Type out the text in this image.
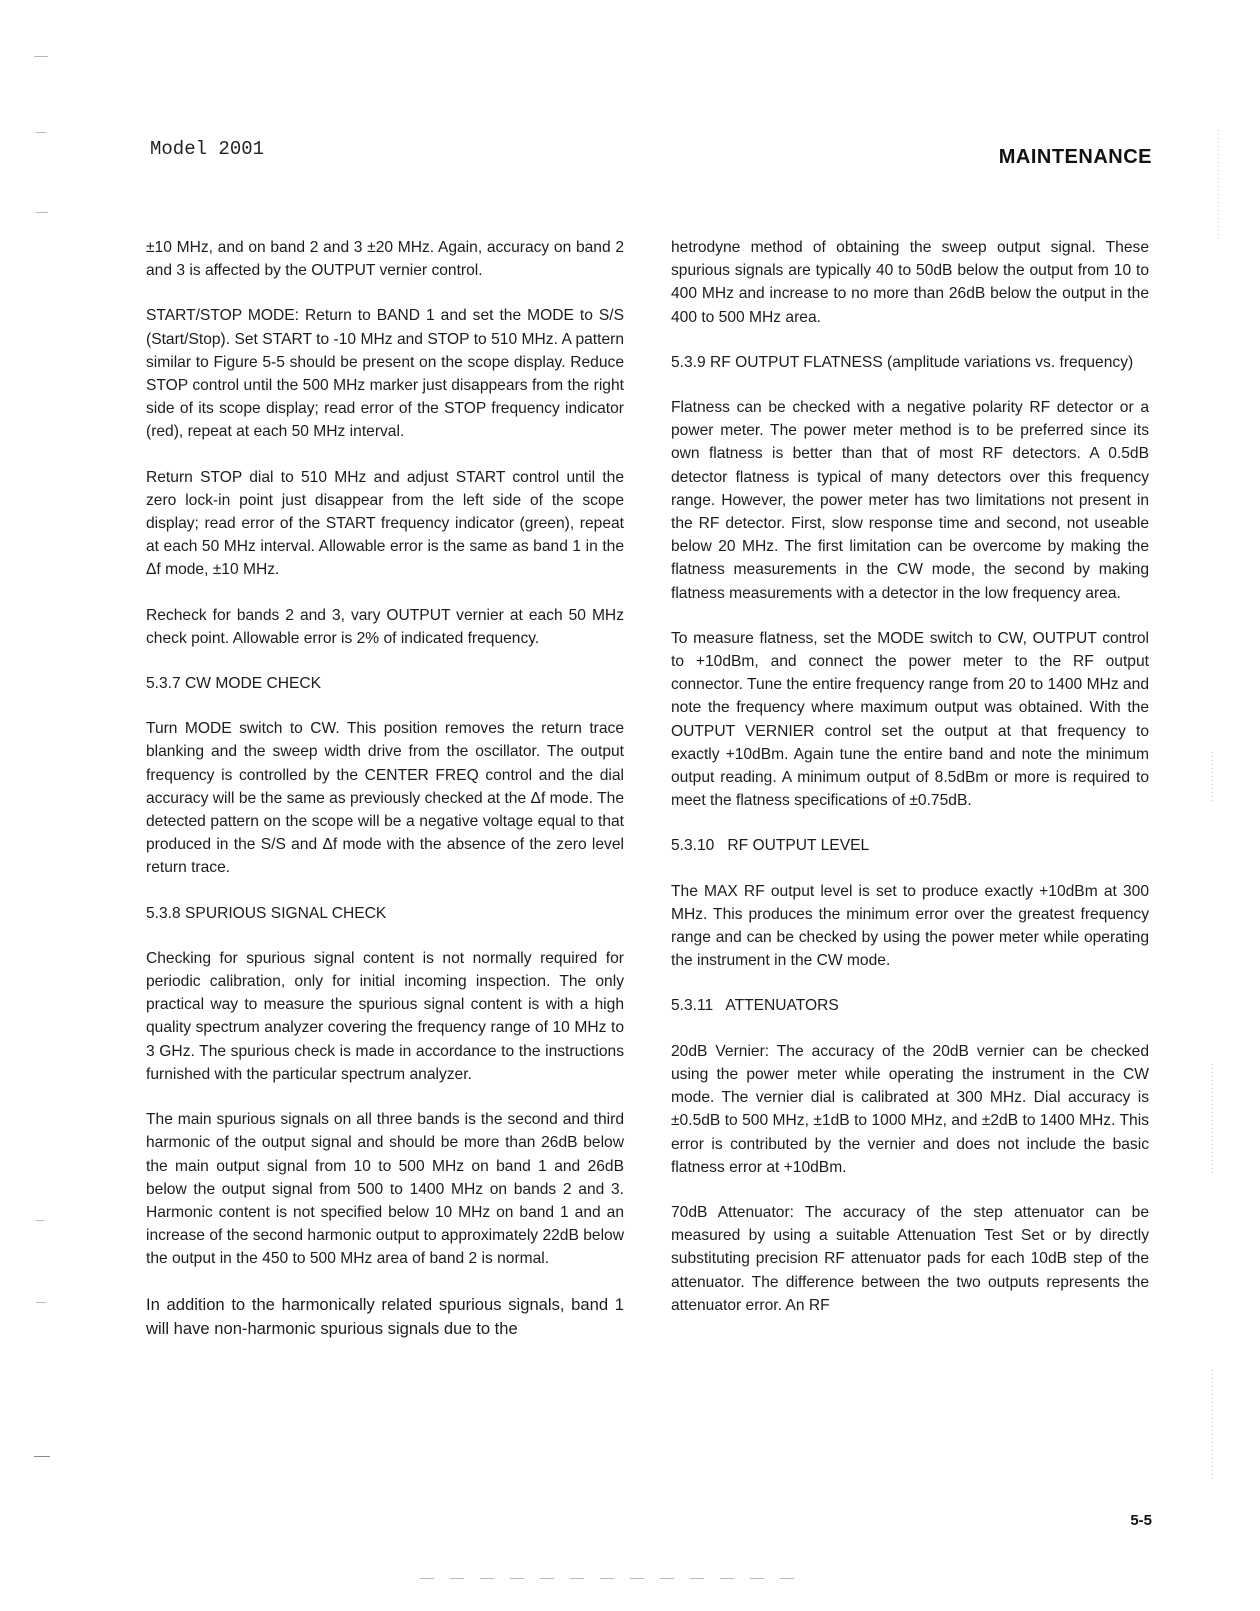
Model 2001	MAINTENANCE

±10 MHz, and on band 2 and 3 ±20 MHz. Again, accuracy on band 2 and 3 is affected by the OUTPUT vernier control.

START/STOP MODE: Return to BAND 1 and set the MODE to S/S (Start/Stop). Set START to -10 MHz and STOP to 510 MHz. A pattern similar to Figure 5-5 should be present on the scope display. Reduce STOP control until the 500 MHz marker just disappears from the right side of its scope display; read error of the STOP frequency indicator (red), repeat at each 50 MHz interval.

Return STOP dial to 510 MHz and adjust START control until the zero lock-in point just disappear from the left side of the scope display; read error of the START frequency indicator (green), repeat at each 50 MHz interval. Allowable error is the same as band 1 in the Δf mode, ±10 MHz.

Recheck for bands 2 and 3, vary OUTPUT vernier at each 50 MHz check point. Allowable error is 2% of indicated frequency.

5.3.7 CW MODE CHECK

Turn MODE switch to CW. This position removes the return trace blanking and the sweep width drive from the oscillator. The output frequency is controlled by the CENTER FREQ control and the dial accuracy will be the same as previously checked at the Δf mode. The detected pattern on the scope will be a negative voltage equal to that produced in the S/S and Δf mode with the absence of the zero level return trace.

5.3.8 SPURIOUS SIGNAL CHECK

Checking for spurious signal content is not normally required for periodic calibration, only for initial incoming inspection. The only practical way to measure the spurious signal content is with a high quality spectrum analyzer covering the frequency range of 10 MHz to 3 GHz. The spurious check is made in accordance to the instructions furnished with the particular spectrum analyzer.

The main spurious signals on all three bands is the second and third harmonic of the output signal and should be more than 26dB below the main output signal from 10 to 500 MHz on band 1 and 26dB below the output signal from 500 to 1400 MHz on bands 2 and 3. Harmonic content is not specified below 10 MHz on band 1 and an increase of the second harmonic output to approximately 22dB below the output in the 450 to 500 MHz area of band 2 is normal.

In addition to the harmonically related spurious signals, band 1 will have non-harmonic spurious signals due to the

hetrodyne method of obtaining the sweep output signal. These spurious signals are typically 40 to 50dB below the output from 10 to 400 MHz and increase to no more than 26dB below the output in the 400 to 500 MHz area.

5.3.9 RF OUTPUT FLATNESS (amplitude variations vs. frequency)

Flatness can be checked with a negative polarity RF detector or a power meter. The power meter method is to be preferred since its own flatness is better than that of most RF detectors. A 0.5dB detector flatness is typical of many detectors over this frequency range. However, the power meter has two limitations not present in the RF detector. First, slow response time and second, not useable below 20 MHz. The first limitation can be overcome by making the flatness measurements in the CW mode, the second by making flatness measurements with a detector in the low frequency area.

To measure flatness, set the MODE switch to CW, OUTPUT control to +10dBm, and connect the power meter to the RF output connector. Tune the entire frequency range from 20 to 1400 MHz and note the frequency where maximum output was obtained. With the OUTPUT VERNIER control set the output at that frequency to exactly +10dBm. Again tune the entire band and note the minimum output reading. A minimum output of 8.5dBm or more is required to meet the flatness specifications of ±0.75dB.

5.3.10   RF OUTPUT LEVEL

The MAX RF output level is set to produce exactly +10dBm at 300 MHz. This produces the minimum error over the greatest frequency range and can be checked by using the power meter while operating the instrument in the CW mode.

5.3.11   ATTENUATORS

20dB Vernier: The accuracy of the 20dB vernier can be checked using the power meter while operating the instrument in the CW mode. The vernier dial is calibrated at 300 MHz. Dial accuracy is ±0.5dB to 500 MHz, ±1dB to 1000 MHz, and ±2dB to 1400 MHz. This error is contributed by the vernier and does not include the basic flatness error at +10dBm.

70dB Attenuator: The accuracy of the step attenuator can be measured by using a suitable Attenuation Test Set or by directly substituting precision RF attenuator pads for each 10dB step of the attenuator. The difference between the two outputs represents the attenuator error. An RF

5-5
